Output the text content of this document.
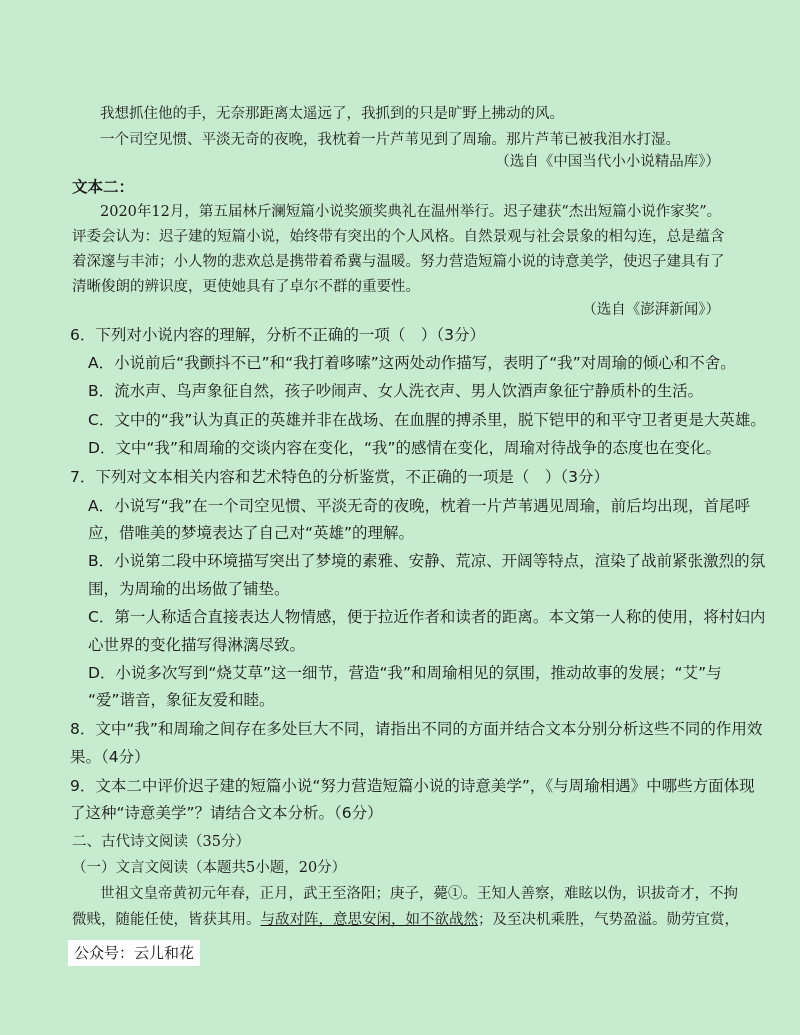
我想抓住他的手，无奈那距离太遥远了，我抓到的只是旷野上拂动的风。
一个司空见惯、平淡无奇的夜晚，我枕着一片芦苇见到了周瑜。那片芦苇已被我泪水打湿。
（选自《中国当代小小说精品库》）
文本二：
2020年12月，第五届林斤澜短篇小说奖颁奖典礼在温州举行。迟子建获“杰出短篇小说作家奖”。
评委会认为：迟子建的短篇小说，始终带有突出的个人风格。自然景观与社会景象的相勾连，总是蕴含
着深邃与丰沛；小人物的悲欢总是携带着希冀与温暖。努力营造短篇小说的诗意美学，使迟子建具有了
清晰俊朗的辨识度，更使她具有了卓尔不群的重要性。
（选自《澎湃新闻》）
6．下列对小说内容的理解，分析不正确的一项（　）（3分）
A．小说前后“我颤抖不已”和“我打着哆嗦”这两处动作描写，表明了“我”对周瑜的倾心和不舍。
B．流水声、鸟声象征自然，孩子吵闹声、女人洗衣声、男人饮酒声象征宁静质朴的生活。
C．文中的“我”认为真正的英雄并非在战场、在血腥的搏杀里，脱下铠甲的和平守卫者更是大英雄。
D．文中“我”和周瑜的交谈内容在变化，“我”的感情在变化，周瑜对待战争的态度也在变化。
7．下列对文本相关内容和艺术特色的分析鉴赏，不正确的一项是（　）（3分）
A．小说写“我”在一个司空见惯、平淡无奇的夜晚，枕着一片芦苇遇见周瑜，前后均出现，首尾呼
应，借唯美的梦境表达了自己对“英雄”的理解。
B．小说第二段中环境描写突出了梦境的素雅、安静、荒凉、开阔等特点，渲染了战前紧张激烈的氛
围，为周瑜的出场做了铺垫。
C．第一人称适合直接表达人物情感，便于拉近作者和读者的距离。本文第一人称的使用，将村妇内
心世界的变化描写得淋漓尽致。
D．小说多次写到“烧艾草”这一细节，营造“我”和周瑜相见的氛围，推动故事的发展；“艾”与
“爱”谐音，象征友爱和睦。
8．文中“我”和周瑜之间存在多处巨大不同，请指出不同的方面并结合文本分别分析这些不同的作用效
果。（4分）
9．文本二中评价迟子建的短篇小说“努力营造短篇小说的诗意美学”，《与周瑜相遇》中哪些方面体现
了这种“诗意美学”？请结合文本分析。（6分）
二、古代诗文阅读（35分）
（一）文言文阅读（本题共5小题，20分）
世祖文皇帝黄初元年春，正月，武王至洛阳；庚子，薨①。王知人善察，难眩以伪，识拔奇才，不拘
微贱，随能任使，皆获其用。与敌对阵，意思安闲，如不欲战然；及至决机乘胜，气势盈溢。勋劳宜赏，
公众号：云儿和花
